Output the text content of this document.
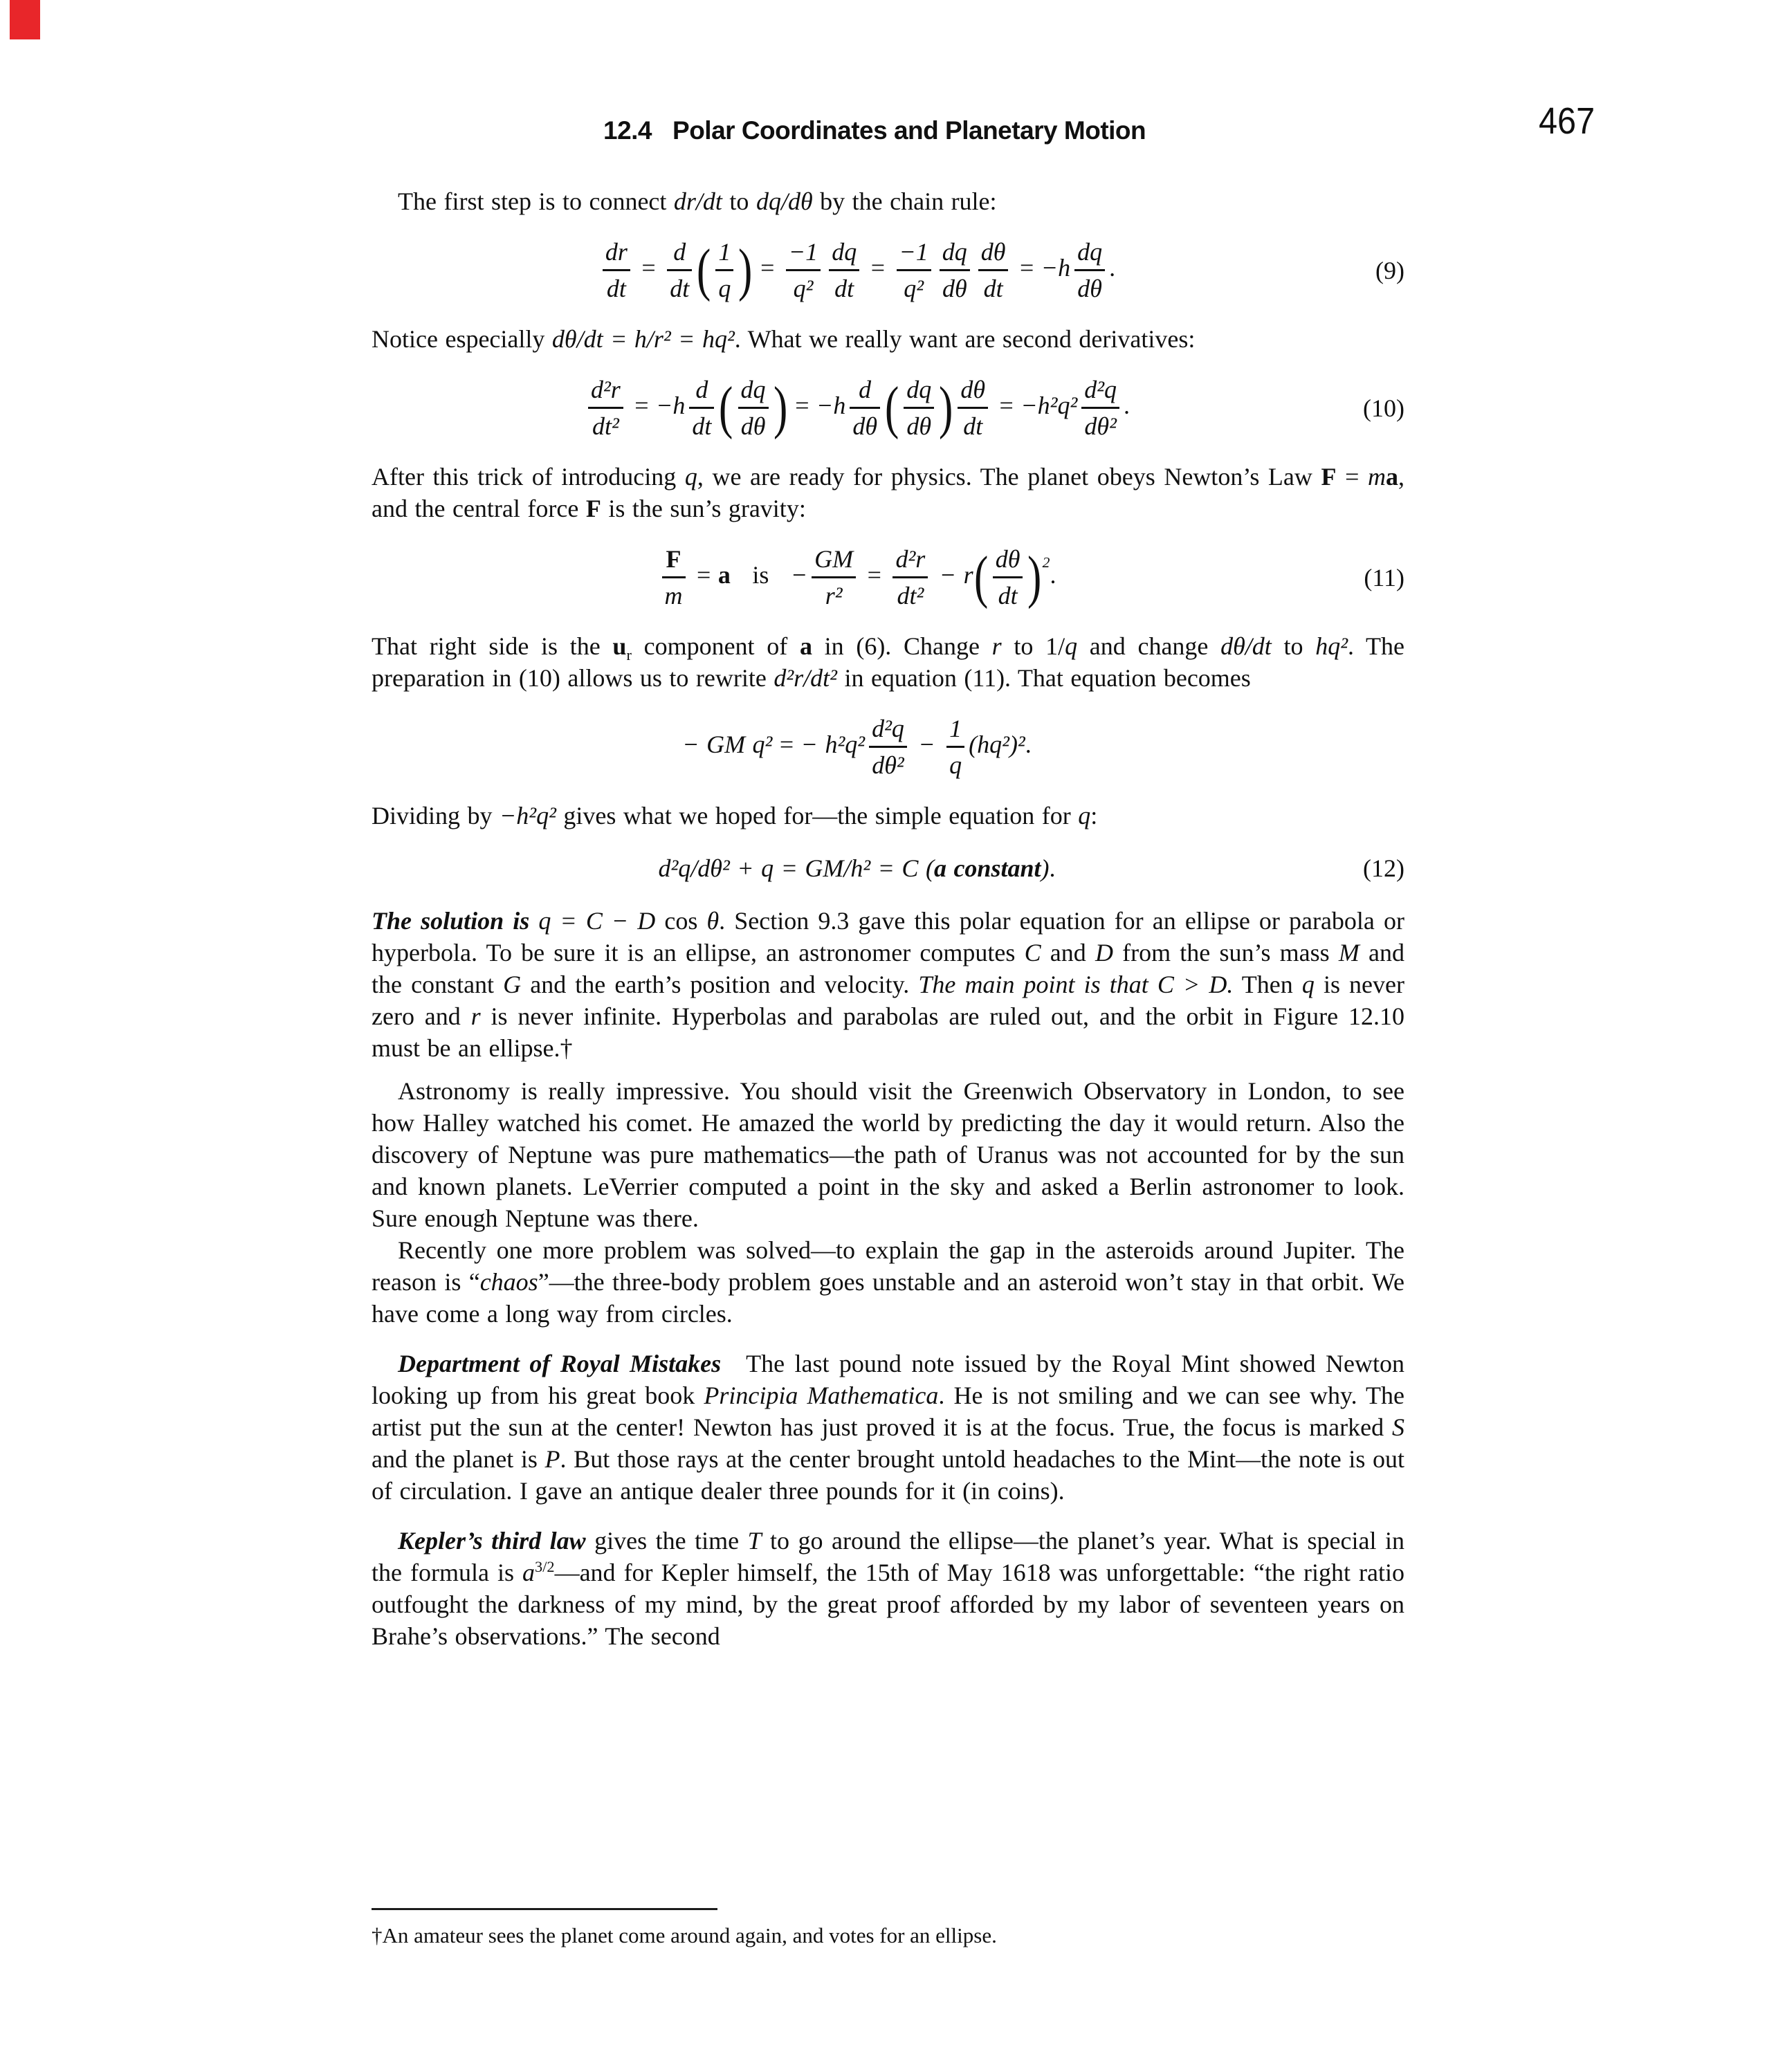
12.4 Polar Coordinates and Planetary Motion	467

The first step is to connect dr/dt to dq/dθ by the chain rule:

$\frac{dr}{dt} = \frac{d}{dt}$ ( $\frac{1}{q}$ ) = $\frac{-1}{\text{q²}} \frac{dq}{dt} = \frac{-1}{\text{q²}} \frac{dq}{d\theta} \frac{d\theta}{dt} = -h \frac{dq}{d\theta}$ .	(9)

Notice especially dθ/dt = h/r² = hq². What we really want are second derivatives:

$\frac{\text{d²r}}{\text{dt²}} = -h \frac{d}{dt}$ ( $\frac{dq}{d\theta}$ ) = $-h \frac{d}{d\theta}$ ( $\frac{dq}{d\theta}$ ) $\frac{d\theta}{dt} = -h^2q^2 \frac{\text{d²q}}{\text{dθ²}}$ .	(10)

After this trick of introducing q, we are ready for physics. The planet obeys Newton’s Law F = ma, and the central force F is the sun’s gravity:

$\frac{F}{m} = a$   is   − $\frac{GM}{\text{r²}} = \frac{\text{d²r}}{\text{dt²}} - r( \frac{d\theta}{dt} )^2$.	(11)

That right side is the $u_r$ component of a in (6). Change r to 1/q and change dθ/dt to hq². The preparation in (10) allows us to rewrite d²r/dt² in equation (11). That equation becomes

− GM q² = − $h^2q^2 \frac{\text{d²q}}{\text{dθ²}} - \frac{1}{q} (hq^2)^2$.

Dividing by −h²q² gives what we hoped for—the simple equation for q:

d²q/dθ² + q = GM/h² = C (a constant).	(12)

The solution is q = C − D cos θ. Section 9.3 gave this polar equation for an ellipse or parabola or hyperbola. To be sure it is an ellipse, an astronomer computes C and D from the sun’s mass M and the constant G and the earth’s position and velocity. The main point is that C > D. Then q is never zero and r is never infinite. Hyperbolas and parabolas are ruled out, and the orbit in Figure 12.10 must be an ellipse.†

Astronomy is really impressive. You should visit the Greenwich Observatory in London, to see how Halley watched his comet. He amazed the world by predicting the day it would return. Also the discovery of Neptune was pure mathematics—the path of Uranus was not accounted for by the sun and known planets. LeVerrier computed a point in the sky and asked a Berlin astronomer to look. Sure enough Neptune was there.

Recently one more problem was solved—to explain the gap in the asteroids around Jupiter. The reason is “chaos”—the three-body problem goes unstable and an asteroid won’t stay in that orbit. We have come a long way from circles.

Department of Royal Mistakes The last pound note issued by the Royal Mint showed Newton looking up from his great book Principia Mathematica. He is not smiling and we can see why. The artist put the sun at the center! Newton has just proved it is at the focus. True, the focus is marked S and the planet is P. But those rays at the center brought untold headaches to the Mint—the note is out of circulation. I gave an antique dealer three pounds for it (in coins).

Kepler’s third law gives the time T to go around the ellipse—the planet’s year. What is special in the formula is $a^{3/2}—and$ for Kepler himself, the 15th of May 1618 was unforgettable: “the right ratio outfought the darkness of my mind, by the great proof afforded by my labor of seventeen years on Brahe’s observations.” The second

†An amateur sees the planet come around again, and votes for an ellipse.
